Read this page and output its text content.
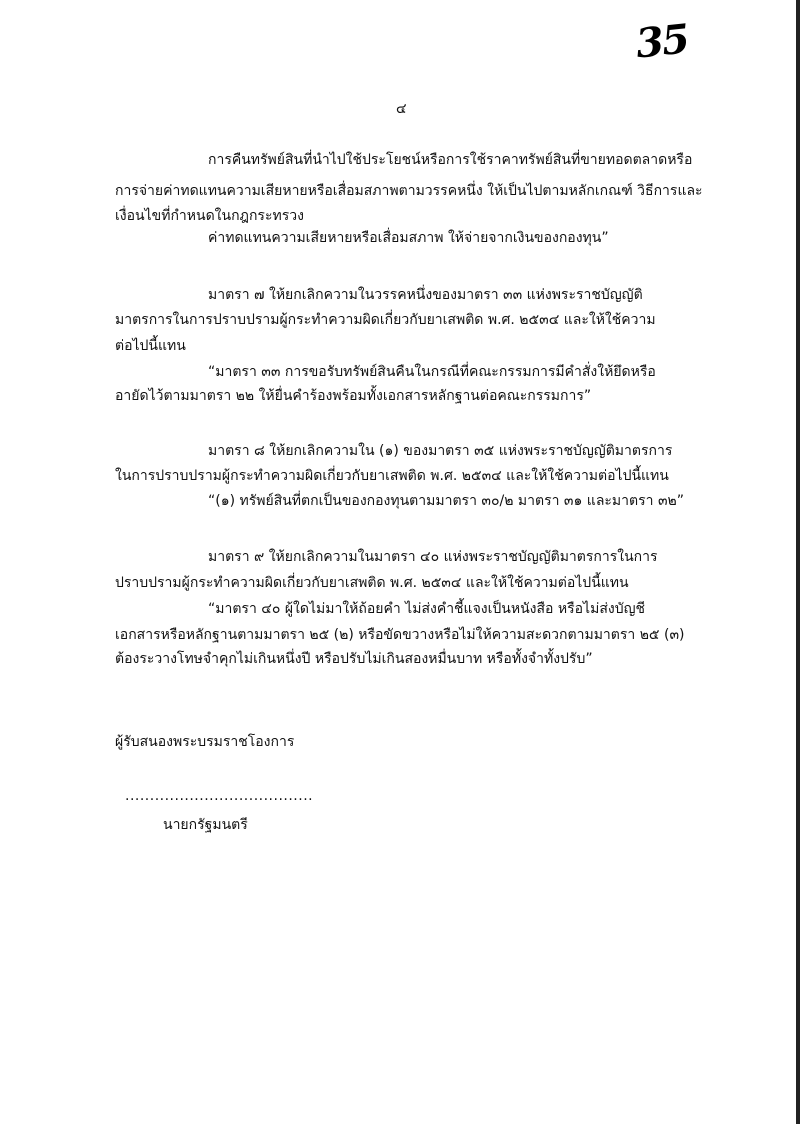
35
๔
การคืนทรัพย์สินที่นำไปใช้ประโยชน์หรือการใช้ราคาทรัพย์สินที่ขายทอดตลาดหรือ
การจ่ายค่าทดแทนความเสียหายหรือเสื่อมสภาพตามวรรคหนึ่ง ให้เป็นไปตามหลักเกณฑ์ วิธีการและ
เงื่อนไขที่กำหนดในกฎกระทรวง
ค่าทดแทนความเสียหายหรือเสื่อมสภาพ ให้จ่ายจากเงินของกองทุน”
มาตรา ๗ ให้ยกเลิกความในวรรคหนึ่งของมาตรา ๓๓ แห่งพระราชบัญญัติ
มาตรการในการปราบปรามผู้กระทำความผิดเกี่ยวกับยาเสพติด พ.ศ. ๒๕๓๔ และให้ใช้ความ
ต่อไปนี้แทน
“มาตรา ๓๓ การขอรับทรัพย์สินคืนในกรณีที่คณะกรรมการมีคำสั่งให้ยึดหรือ
อายัดไว้ตามมาตรา ๒๒ ให้ยื่นคำร้องพร้อมทั้งเอกสารหลักฐานต่อคณะกรรมการ”
มาตรา ๘ ให้ยกเลิกความใน (๑) ของมาตรา ๓๕ แห่งพระราชบัญญัติมาตรการ
ในการปราบปรามผู้กระทำความผิดเกี่ยวกับยาเสพติด พ.ศ. ๒๕๓๔ และให้ใช้ความต่อไปนี้แทน
“(๑) ทรัพย์สินที่ตกเป็นของกองทุนตามมาตรา ๓๐/๒ มาตรา ๓๑ และมาตรา ๓๒”
มาตรา ๙ ให้ยกเลิกความในมาตรา ๔๐ แห่งพระราชบัญญัติมาตรการในการ
ปราบปรามผู้กระทำความผิดเกี่ยวกับยาเสพติด พ.ศ. ๒๕๓๔ และให้ใช้ความต่อไปนี้แทน
“มาตรา ๔๐ ผู้ใดไม่มาให้ถ้อยคำ ไม่ส่งคำชี้แจงเป็นหนังสือ หรือไม่ส่งบัญชี
เอกสารหรือหลักฐานตามมาตรา ๒๕ (๒) หรือขัดขวางหรือไม่ให้ความสะดวกตามมาตรา ๒๕ (๓)
ต้องระวางโทษจำคุกไม่เกินหนึ่งปี หรือปรับไม่เกินสองหมื่นบาท หรือทั้งจำทั้งปรับ”
ผู้รับสนองพระบรมราชโองการ
......................................
นายกรัฐมนตรี
